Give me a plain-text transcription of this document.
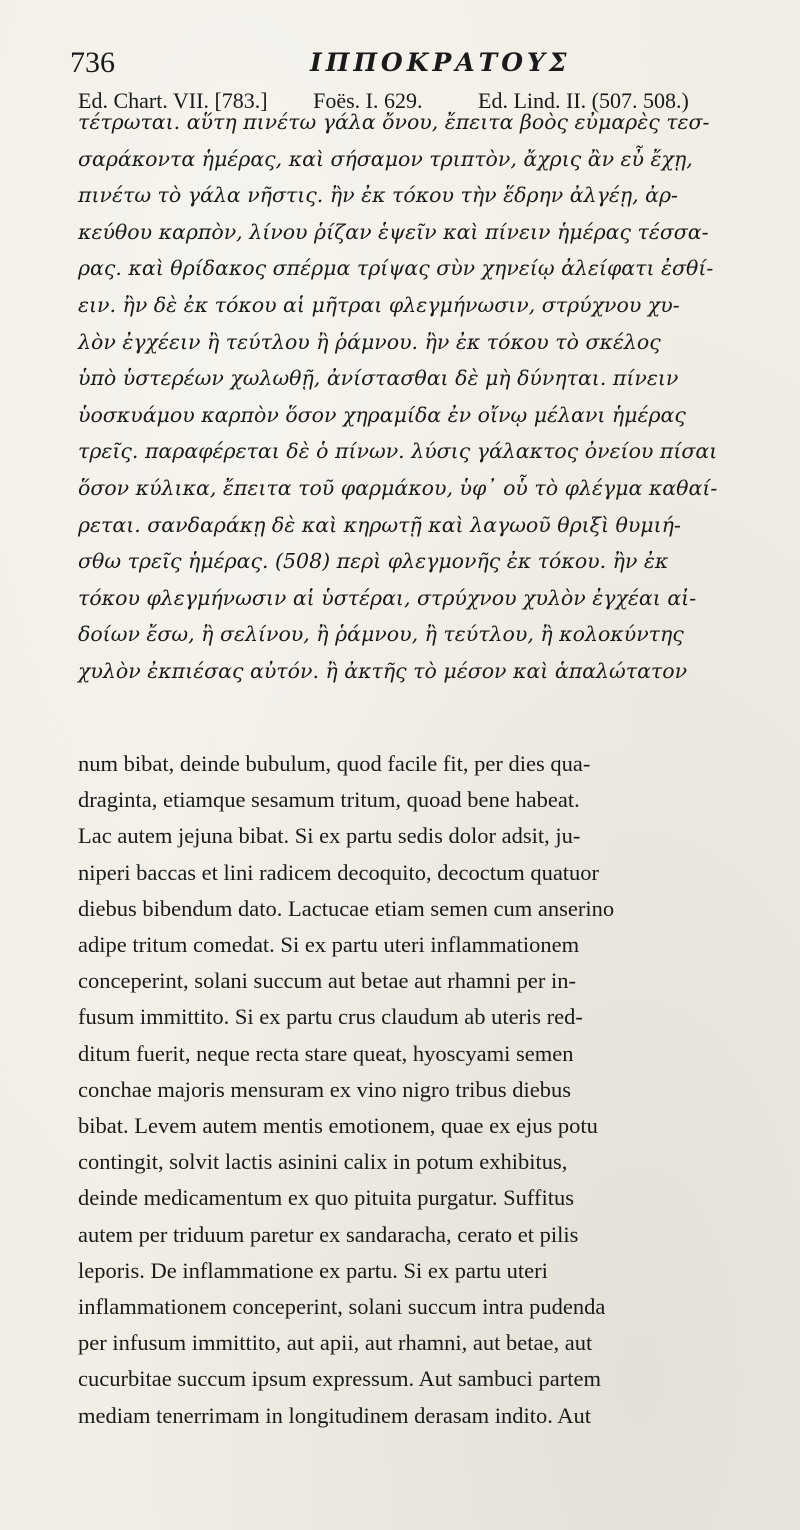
736	ΙΠΠΟΚΡΑΤΟΥΣ
Ed. Chart. VII. [783.] Foës. I. 629.	Ed. Lind. II. (507. 508.)
τέτρωται. αὕτη πινέτω γάλα ὄνου, ἔπειτα βοὸς εὐμαρὲς τεσ-
σαράκοντα ἡμέρας, καὶ σήσαμον τριπτὸν, ἄχρις ἂν εὖ ἔχῃ,
πινέτω τὸ γάλα νῆστις. ἢν ἐκ τόκου τὴν ἕδρην ἀλγέῃ, ἀρ-
κεύθου καρπὸν, λίνου ῥίζαν ἑψεῖν καὶ πίνειν ἡμέρας τέσσα-
ρας. καὶ θρίδακος σπέρμα τρίψας σὺν χηνείῳ ἀλείφατι ἐσθί-
ειν. ἢν δὲ ἐκ τόκου αἱ μῆτραι φλεγμήνωσιν, στρύχνου χυ-
λὸν ἐγχέειν ἢ τεύτλου ἢ ῥάμνου. ἢν ἐκ τόκου τὸ σκέλος
ὑπὸ ὑστερέων χωλωθῇ, ἀνίστασθαι δὲ μὴ δύνηται. πίνειν
ὑοσκυάμου καρπὸν ὅσον χηραμίδα ἐν οἴνῳ μέλανι ἡμέρας
τρεῖς. παραφέρεται δὲ ὁ πίνων. λύσις γάλακτος ὀνείου πίσαι
ὅσον κύλικα, ἔπειτα τοῦ φαρμάκου, ὑφ᾽ οὗ τὸ φλέγμα καθαί-
ρεται. σανδαράκῃ δὲ καὶ κηρωτῇ καὶ λαγωοῦ θριξὶ θυμιή-
σθω τρεῖς ἡμέρας. (508) περὶ φλεγμονῆς ἐκ τόκου. ἢν ἐκ
τόκου φλεγμήνωσιν αἱ ὑστέραι, στρύχνου χυλὸν ἐγχέαι αἰ-
δοίων ἔσω, ἢ σελίνου, ἢ ῥάμνου, ἢ τεύτλου, ἢ κολοκύντης
χυλὸν ἐκπιέσας αὐτόν. ἢ ἀκτῆς τὸ μέσον καὶ ἁπαλώτατον
num bibat, deinde bubulum, quod facile fit, per dies qua-
draginta, etiamque sesamum tritum, quoad bene habeat.
Lac autem jejuna bibat. Si ex partu sedis dolor adsit, ju-
niperi baccas et lini radicem decoquito, decoctum quatuor
diebus bibendum dato. Lactucae etiam semen cum anserino
adipe tritum comedat. Si ex partu uteri inflammationem
conceperint, solani succum aut betae aut rhamni per in-
fusum immittito. Si ex partu crus claudum ab uteris red-
ditum fuerit, neque recta stare queat, hyoscyami semen
conchae majoris mensuram ex vino nigro tribus diebus
bibat. Levem autem mentis emotionem, quae ex ejus potu
contingit, solvit lactis asinini calix in potum exhibitus,
deinde medicamentum ex quo pituita purgatur. Suffitus
autem per triduum paretur ex sandaracha, cerato et pilis
leporis. De inflammatione ex partu. Si ex partu uteri
inflammationem conceperint, solani succum intra pudenda
per infusum immittito, aut apii, aut rhamni, aut betae, aut
cucurbitae succum ipsum expressum. Aut sambuci partem
mediam tenerrimam in longitudinem derasam indito. Aut
